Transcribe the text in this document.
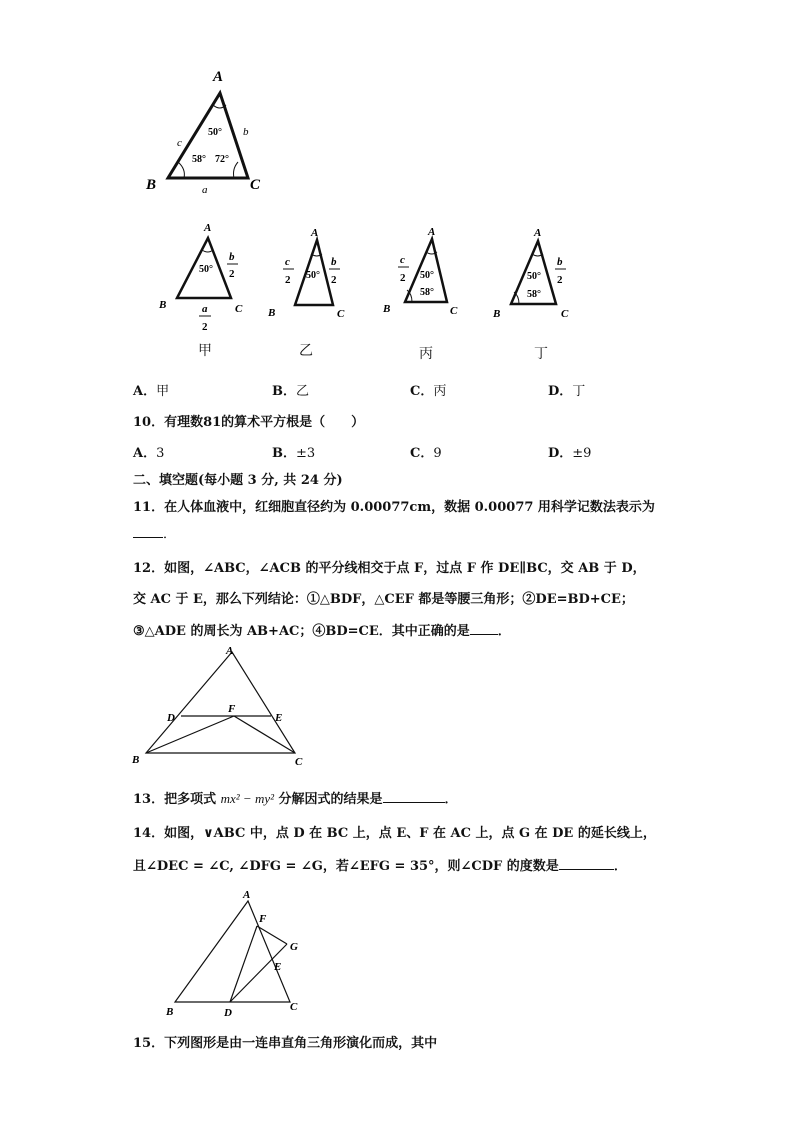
A
B	C
c
b
a
50°
58° 72°
A
B	C
50°
b
2
a
2
甲
A
B	C
50°
c
2
b
2
乙
A
B	C
50°
58°
c
2
丙
A
B	C
50°
58°
b
2
丁
A．甲	B．乙	C．丙	D．丁
10．有理数81的算术平方根是（　　）
A．3	B．±3	C．9	D．±9
二、填空题(每小题 3 分, 共 24 分)
11．在人体血液中，红细胞直径约为 0.00077cm，数据 0.00077 用科学记数法表示为
．
12．如图，∠ABC，∠ACB 的平分线相交于点 F，过点 F 作 DE∥BC，交 AB 于 D，
交 AC 于 E，那么下列结论：①△BDF，△CEF 都是等腰三角形；②DE=BD+CE；
③△ADE 的周长为 AB+AC；④BD=CE．其中正确的是 ．
A
B	C
D	E
F
13．把多项式 mx² − my² 分解因式的结果是	．
14．如图，∨ABC 中，点 D 在 BC 上，点 E、F 在 AC 上，点 G 在 DE 的延长线上，
且∠DEC = ∠C, ∠DFG = ∠G，若∠EFG = 35°，则∠CDF 的度数是	．
A
B	C
D
E
F
G
15．下列图形是由一连串直角三角形演化而成，其中
